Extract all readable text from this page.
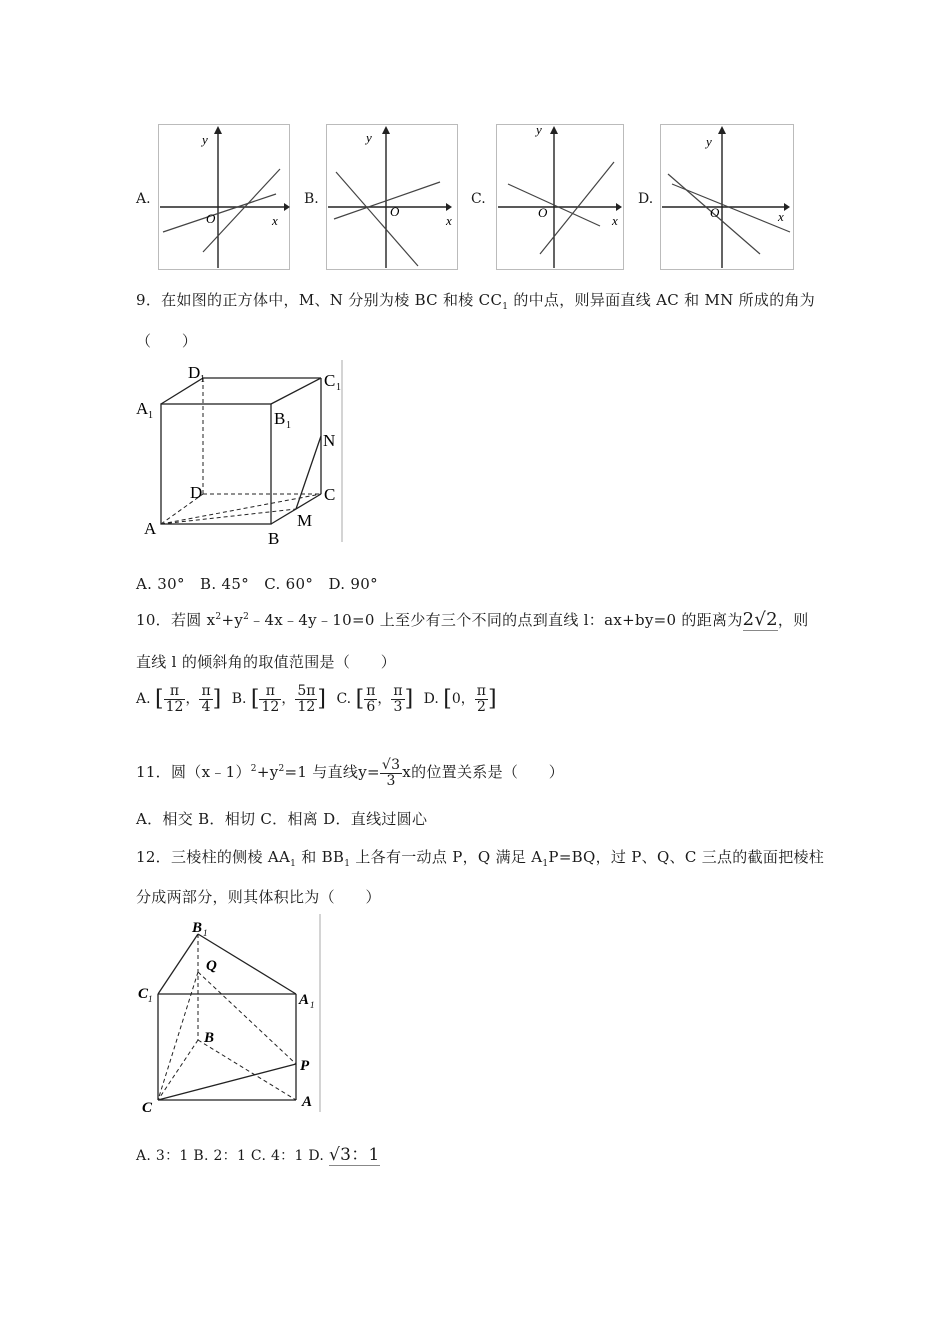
A.
y
x
O
B.
y
x
O
C.
y
x
O
D.
y
x
O
9．在如图的正方体中，M、N 分别为棱 BC 和棱 $CC_1$ 的中点，则异面直线 AC 和 MN 所成的角为
（　　）
D 1	C 1
A 1	B 1
N
D	C
A	M
B
A. 30°　B. 45°　C. 60°　D. 90°
10．若圆 $x^2+y^2﹣4x﹣4y﹣10=0$ 上至少有三个不同的点到直线 l：ax+by=0 的距离为2√2，则
直线 l 的倾斜角的取值范围是（　　）
A. [ $\frac{\pi}{12}$ ， $\frac{\pi}{4}$ ] B. [ $\frac{\pi}{12}$ ， $\frac{5\pi}{12}$ ] C. [ $\frac{\pi}{6}$ ， $\frac{\pi}{3}$ ] D. [0， $\frac{\pi}{2}$ ]
11．圆$(x﹣1)^2+y^2=1$ 与直线$y= \frac{√3}{3}$ x的位置关系是（　　）
A．相交 B．相切 C．相离 D．直线过圆心
12．三棱柱的侧棱 $AA_1$ 和 $BB_1$ 上各有一动点 P，Q 满足 $A_1P=BQ$，过 P、Q、C 三点的截面把棱柱
分成两部分，则其体积比为（　　）
B 1
Q
C 1	A 1
B
P
C	A
A. 3：1 B. 2：1 C. 4：1 D. √3：1
